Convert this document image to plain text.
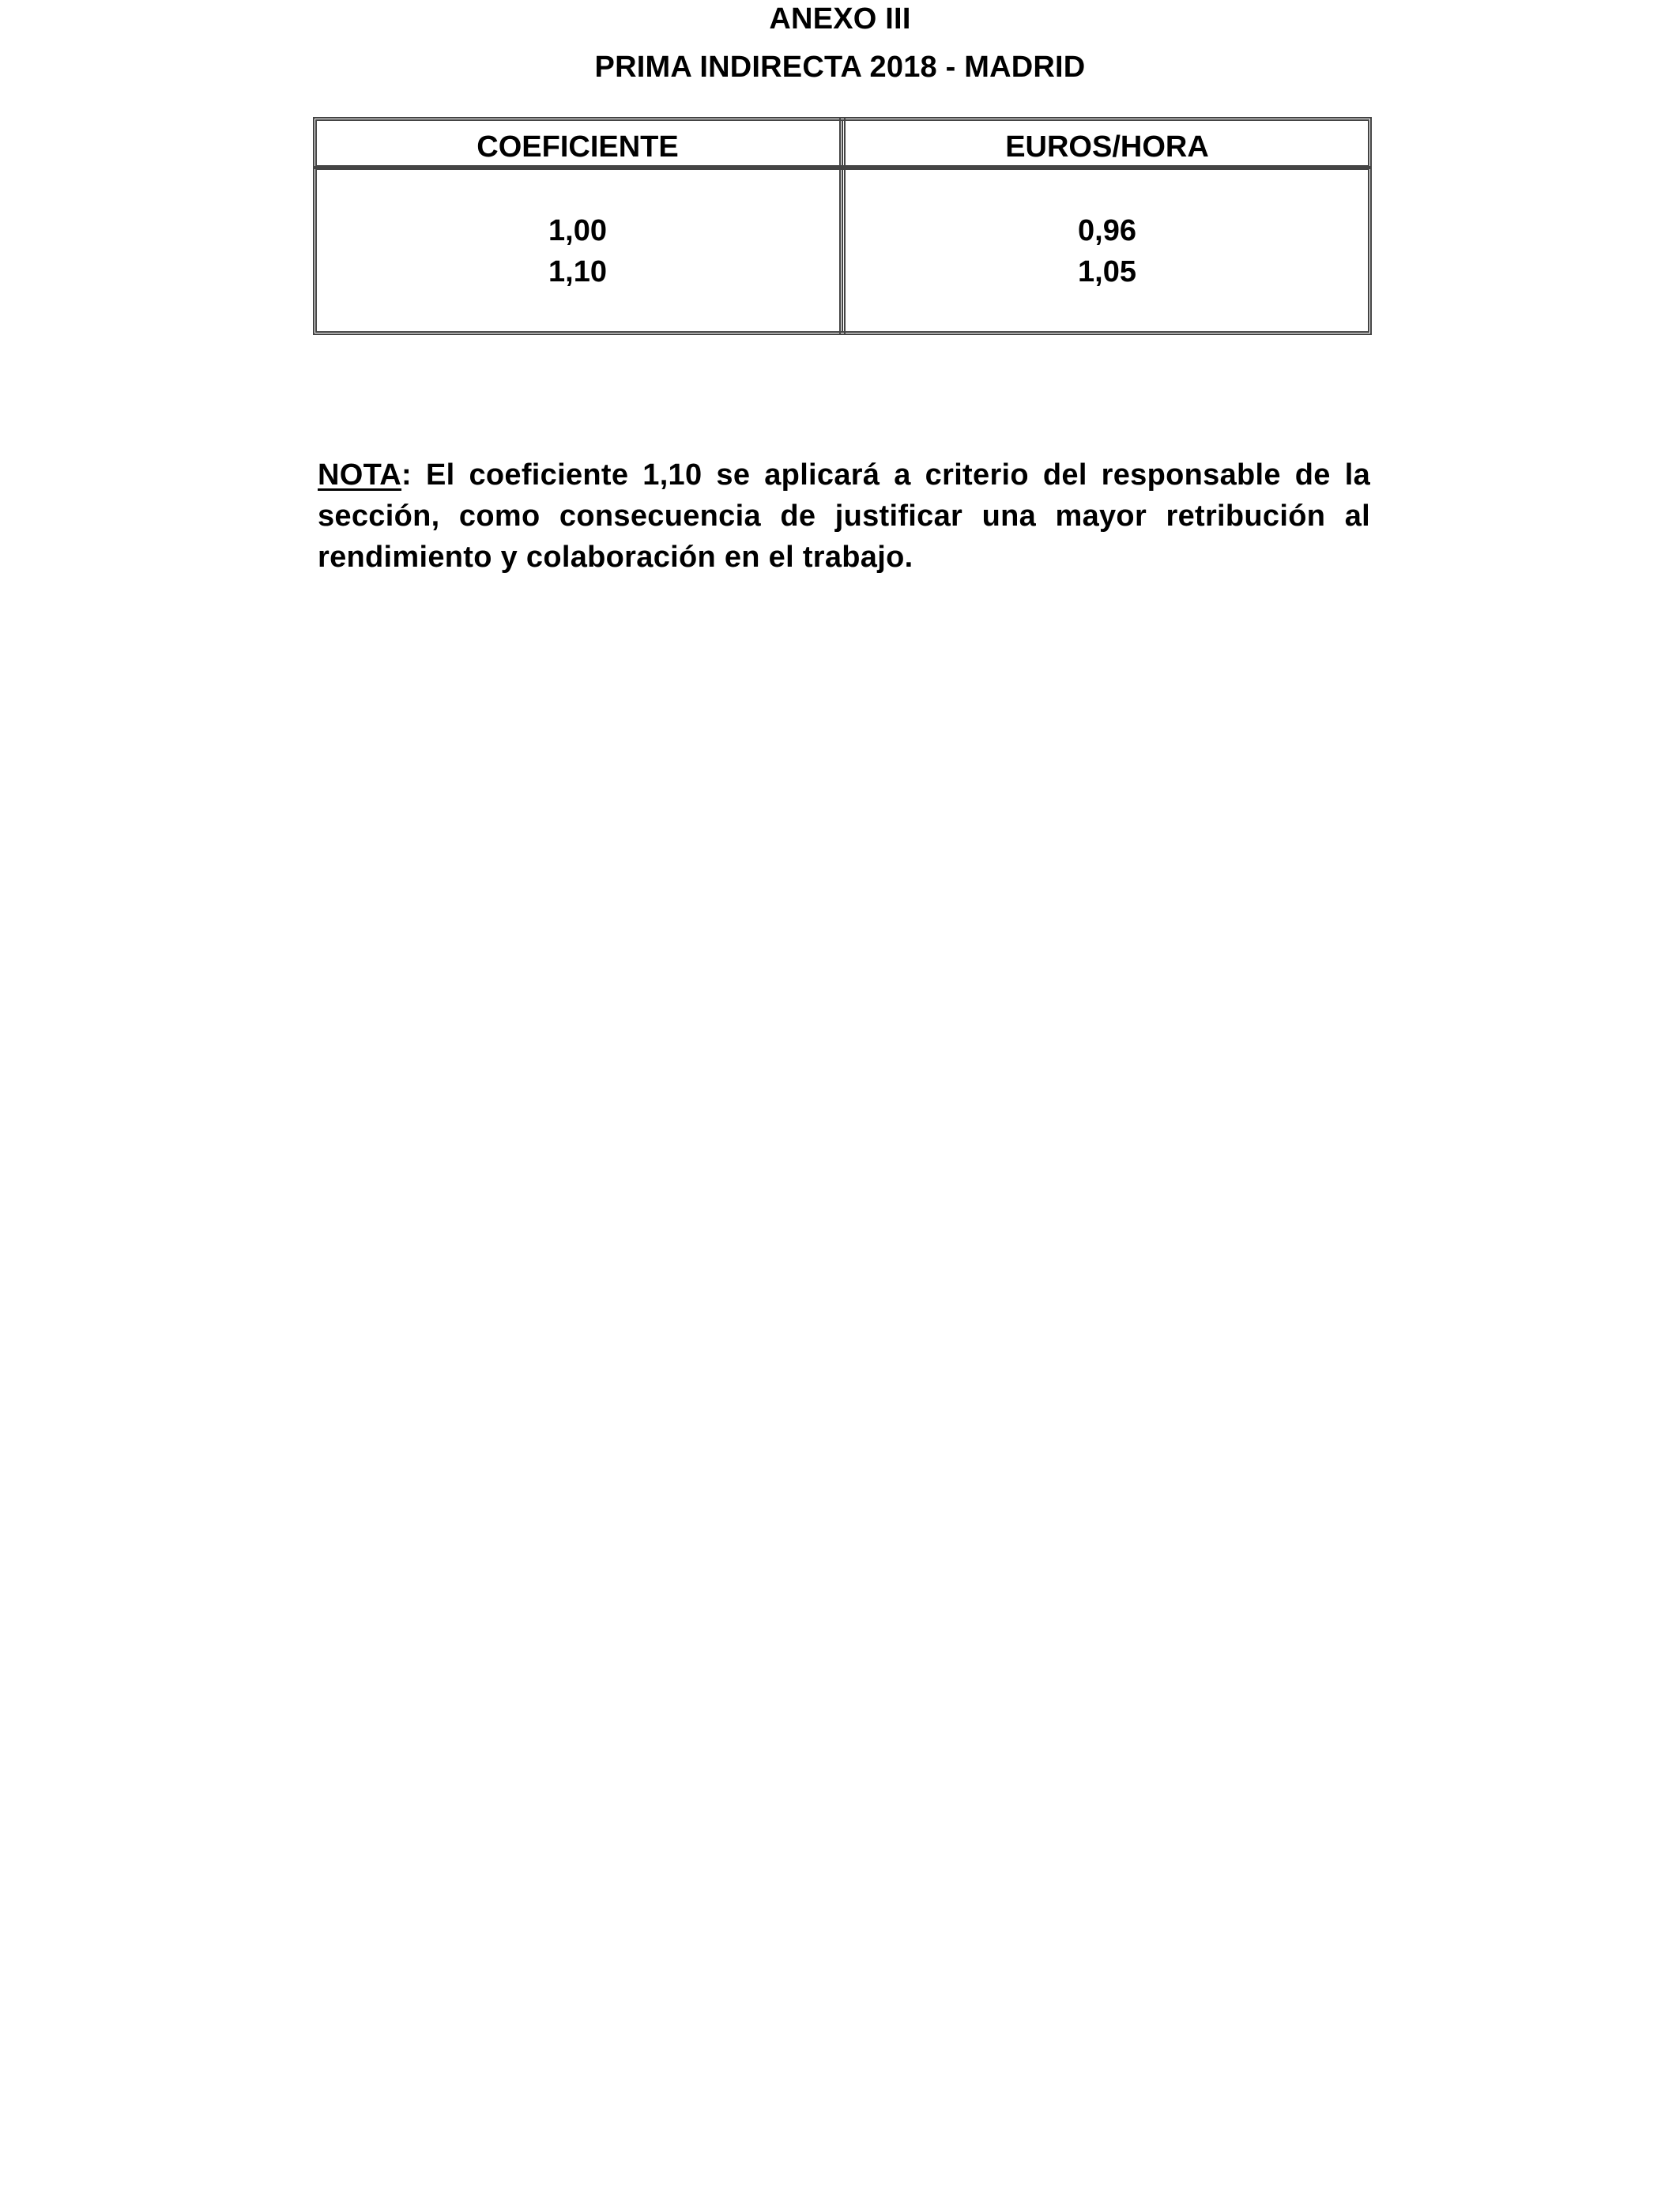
ANEXO III
PRIMA INDIRECTA 2018 - MADRID
COEFICIENTE	EUROS/HORA
1,00
1,10
0,96
1,05
NOTA: El coeficiente 1,10 se aplicará a criterio del responsable de la sección, como consecuencia de justificar una mayor retribución al rendimiento y colaboración en el trabajo.
